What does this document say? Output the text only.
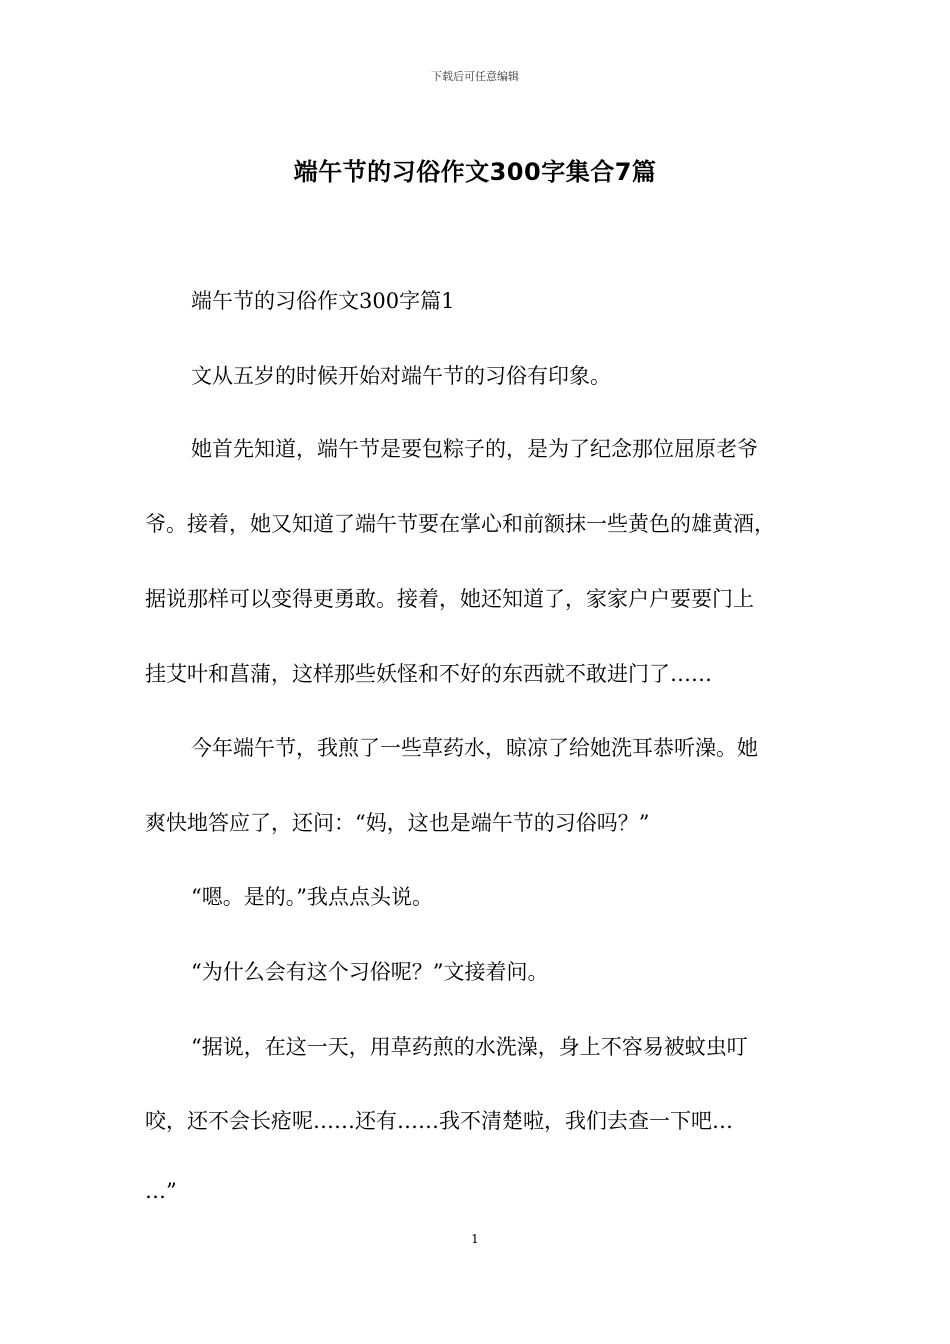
下载后可任意编辑
端午节的习俗作文300字集合7篇
端午节的习俗作文300字篇1
文从五岁的时候开始对端午节的习俗有印象。
她首先知道，端午节是要包粽子的，是为了纪念那位屈原老爷
爷。接着，她又知道了端午节要在掌心和前额抹一些黄色的雄黄酒，
据说那样可以变得更勇敢。接着，她还知道了，家家户户要要门上
挂艾叶和菖蒲，这样那些妖怪和不好的东西就不敢进门了……
今年端午节，我煎了一些草药水，晾凉了给她洗耳恭听澡。她
爽快地答应了，还问：“妈，这也是端午节的习俗吗？”
“嗯。是的。”我点点头说。
“为什么会有这个习俗呢？”文接着问。
“据说，在这一天，用草药煎的水洗澡，身上不容易被蚊虫叮
咬，还不会长疮呢……还有……我不清楚啦，我们去查一下吧…
…”
1
